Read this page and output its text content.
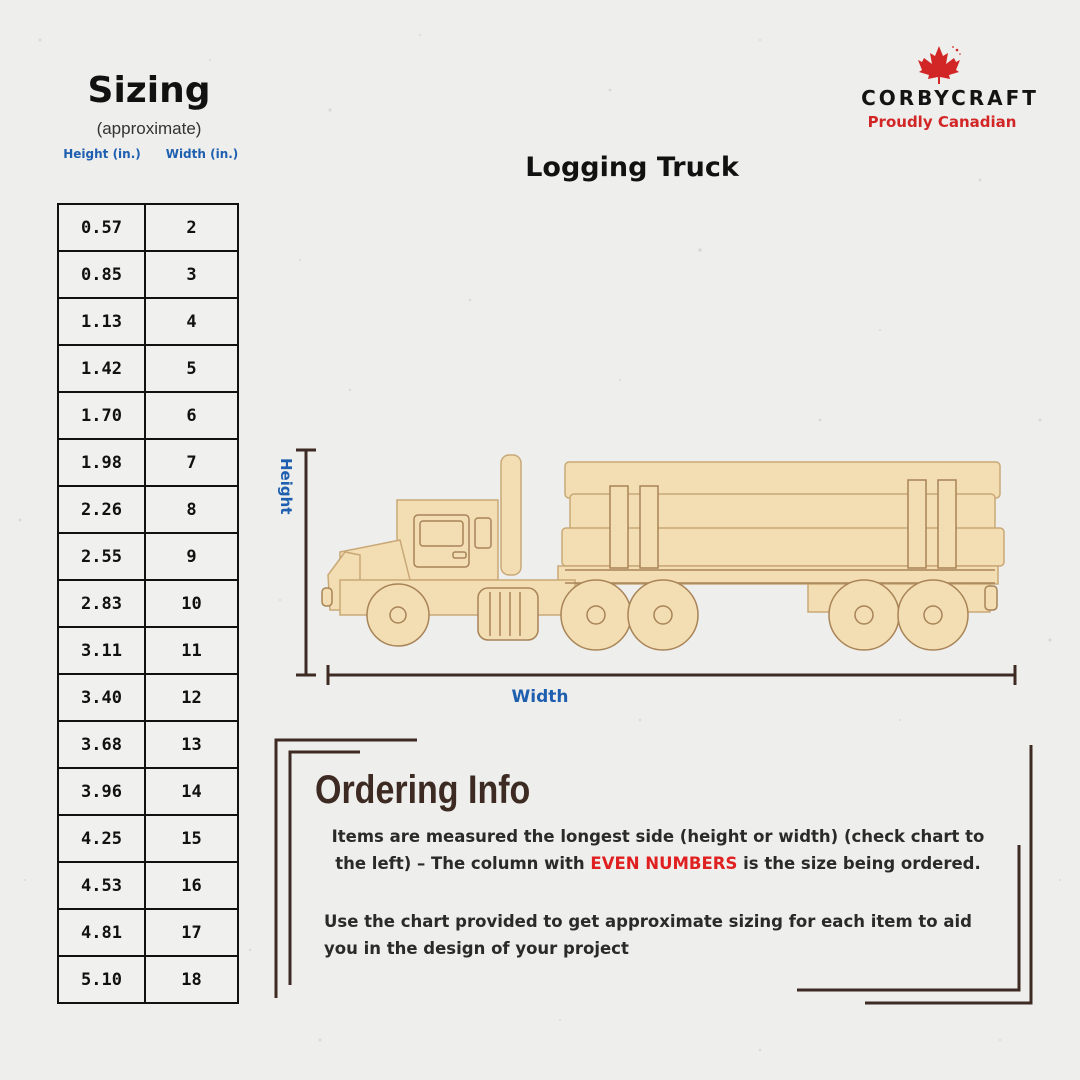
Sizing
(approximate)
Height (in.)	Width (in.)
0.57	2
0.85	3
1.13	4
1.42	5
1.70	6
1.98	7
2.26	8
2.55	9
2.83	10
3.11	11
3.40	12
3.68	13
3.96	14
4.25	15
4.53	16
4.81	17
5.10	18
CORBYCRAFT
Proudly Canadian
Logging Truck
Height
Width
Ordering Info
Items are measured the longest side (height or width) (check chart to the left) – The column with EVEN NUMBERS is the size being ordered.
Use the chart provided to get approximate sizing for each item to aid you in the design of your project
